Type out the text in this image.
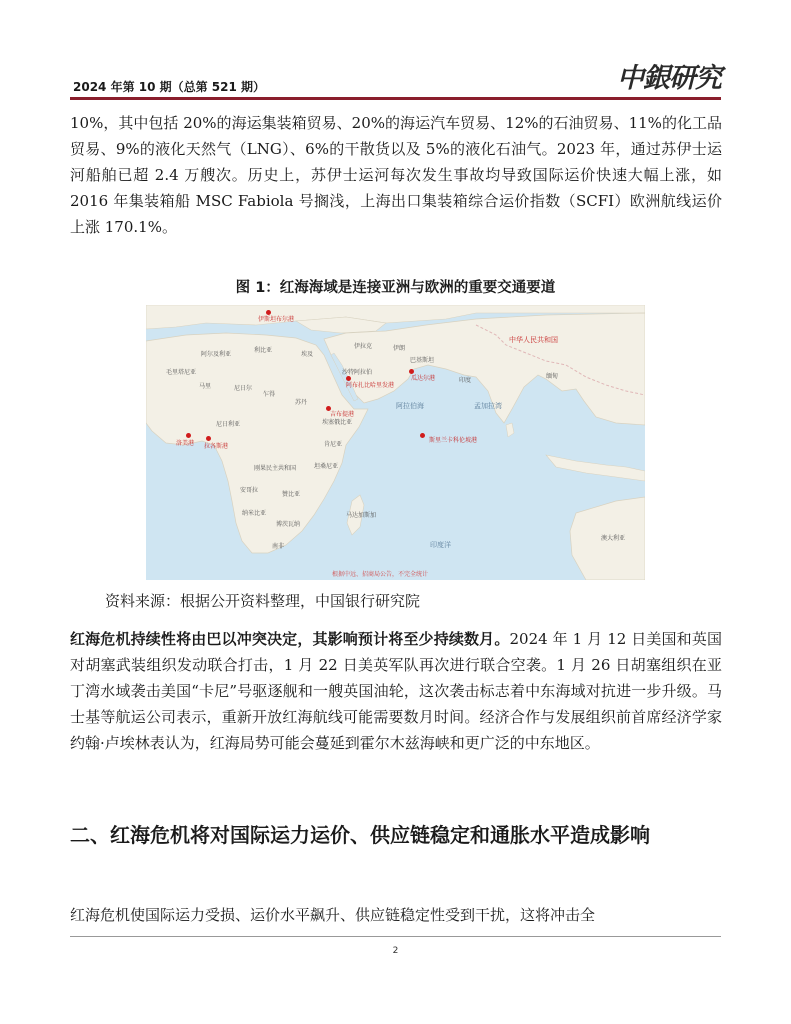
2024 年第 10 期（总第 521 期）	中銀研究

10%，其中包括 20%的海运集装箱贸易、20%的海运汽车贸易、12%的石油贸易、11%的化工品贸易、9%的液化天然气（LNG）、6%的干散货以及 5%的液化石油气。2023 年，通过苏伊士运河船舶已超 2.4 万艘次。历史上，苏伊士运河每次发生事故均导致国际运价快速大幅上涨，如 2016 年集装箱船 MSC Fabiola 号搁浅，上海出口集装箱综合运价指数（SCFI）欧洲航线运价上涨 170.1%。

图 1：红海海域是连接亚洲与欧洲的重要交通要道
阿尔及利亚
利比亚
埃及
伊朗
伊拉克
沙特阿拉伯
巴基斯坦
印度
马里	尼日尔
乍得
苏丹
尼日利亚	埃塞俄比亚
刚果民主共和国
安哥拉
纳米比亚
博茨瓦纳
南非
赞比亚
肯尼亚
坦桑尼亚
马达加斯加
澳大利亚
中华人民共和国
缅甸
毛里塔尼亚
阿拉伯海	孟加拉湾
印度洋
伊斯坦布尔港
阿布扎比哈里发港
吉布提港
瓜达尔港
斯里兰卡科伦坡港
洛美港 拉各斯港
根据中远、招商局公告，不完全统计
资料来源：根据公开资料整理，中国银行研究院

红海危机持续性将由巴以冲突决定，其影响预计将至少持续数月。2024 年 1 月 12 日美国和英国对胡塞武装组织发动联合打击，1 月 22 日美英军队再次进行联合空袭。1 月 26 日胡塞组织在亚丁湾水域袭击美国“卡尼”号驱逐舰和一艘英国油轮，这次袭击标志着中东海域对抗进一步升级。马士基等航运公司表示，重新开放红海航线可能需要数月时间。经济合作与发展组织前首席经济学家约翰·卢埃林表认为，红海局势可能会蔓延到霍尔木兹海峡和更广泛的中东地区。

二、红海危机将对国际运力运价、供应链稳定和通胀水平造成影响

红海危机使国际运力受损、运价水平飙升、供应链稳定性受到干扰，这将冲击全

2
